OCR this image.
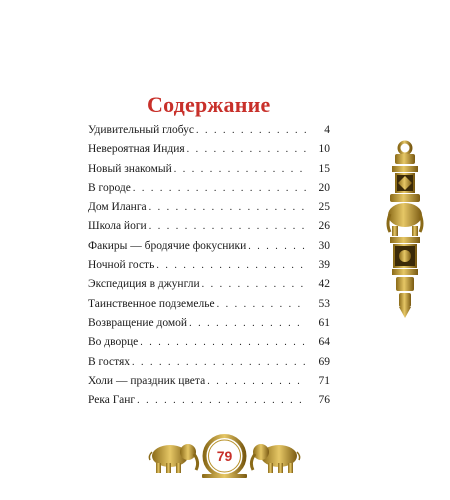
Содержание
Удивительный глобус . . .	4
Невероятная Индия . . .	10
Новый знакомый . . .	15
В городе . . .	20
Дом Иланга . . .	25
Школа йоги . . .	26
Факиры — бродячие фокусники . . .	30
Ночной гость . . .	39
Экспедиция в джунгли . . .	42
Таинственное подземелье . . .	53
Возвращение домой . . .	61
Во дворце . . .	64
В гостях . . .	69
Холи — праздник цвета . . .	71
Река Ганг . . .	76
79
